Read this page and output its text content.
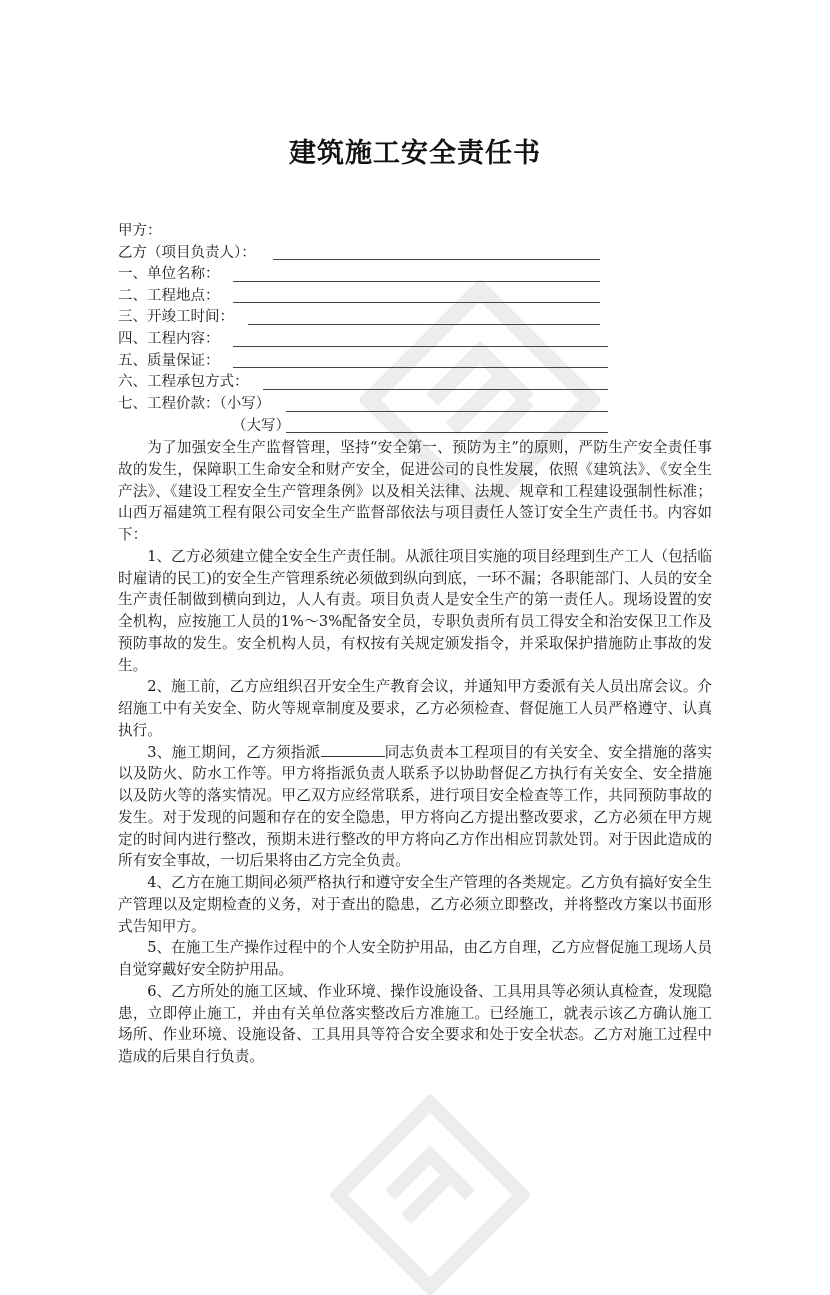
建筑施工安全责任书
甲方：
乙方（项目负责人）：
一、单位名称：
二、工程地点：
三、开竣工时间：
四、工程内容：
五、质量保证：
六、工程承包方式：
七、工程价款：（小写）
（大写）

为了加强安全生产监督管理，坚持“安全第一、预防为主”的原则，严防生产安全责任事故的发生，保障职工生命安全和财产安全，促进公司的良性发展，依照《建筑法》、《安全生产法》、《建设工程安全生产管理条例》以及相关法律、法规、规章和工程建设强制性标准；山西万福建筑工程有限公司安全生产监督部依法与项目责任人签订安全生产责任书。内容如下：

1、乙方必须建立健全安全生产责任制。从派往项目实施的项目经理到生产工人（包括临时雇请的民工)的安全生产管理系统必须做到纵向到底，一环不漏；各职能部门、人员的安全生产责任制做到横向到边，人人有责。项目负责人是安全生产的第一责任人。现场设置的安全机构，应按施工人员的1%～3%配备安全员，专职负责所有员工得安全和治安保卫工作及预防事故的发生。安全机构人员，有权按有关规定颁发指令，并采取保护措施防止事故的发生。

2、施工前，乙方应组织召开安全生产教育会议，并通知甲方委派有关人员出席会议。介绍施工中有关安全、防火等规章制度及要求，乙方必须检查、督促施工人员严格遵守、认真执行。

3、施工期间，乙方须指派	同志负责本工程项目的有关安全、安全措施的落实以及防火、防水工作等。甲方将指派负责人联系予以协助督促乙方执行有关安全、安全措施以及防火等的落实情况。甲乙双方应经常联系，进行项目安全检查等工作，共同预防事故的发生。对于发现的问题和存在的安全隐患，甲方将向乙方提出整改要求，乙方必须在甲方规定的时间内进行整改，预期未进行整改的甲方将向乙方作出相应罚款处罚。对于因此造成的所有安全事故，一切后果将由乙方完全负责。

4、乙方在施工期间必须严格执行和遵守安全生产管理的各类规定。乙方负有搞好安全生产管理以及定期检查的义务，对于查出的隐患，乙方必须立即整改，并将整改方案以书面形式告知甲方。

5、在施工生产操作过程中的个人安全防护用品，由乙方自理，乙方应督促施工现场人员自觉穿戴好安全防护用品。

6、乙方所处的施工区域、作业环境、操作设施设备、工具用具等必须认真检查，发现隐患，立即停止施工，并由有关单位落实整改后方准施工。已经施工，就表示该乙方确认施工场所、作业环境、设施设备、工具用具等符合安全要求和处于安全状态。乙方对施工过程中造成的后果自行负责。
